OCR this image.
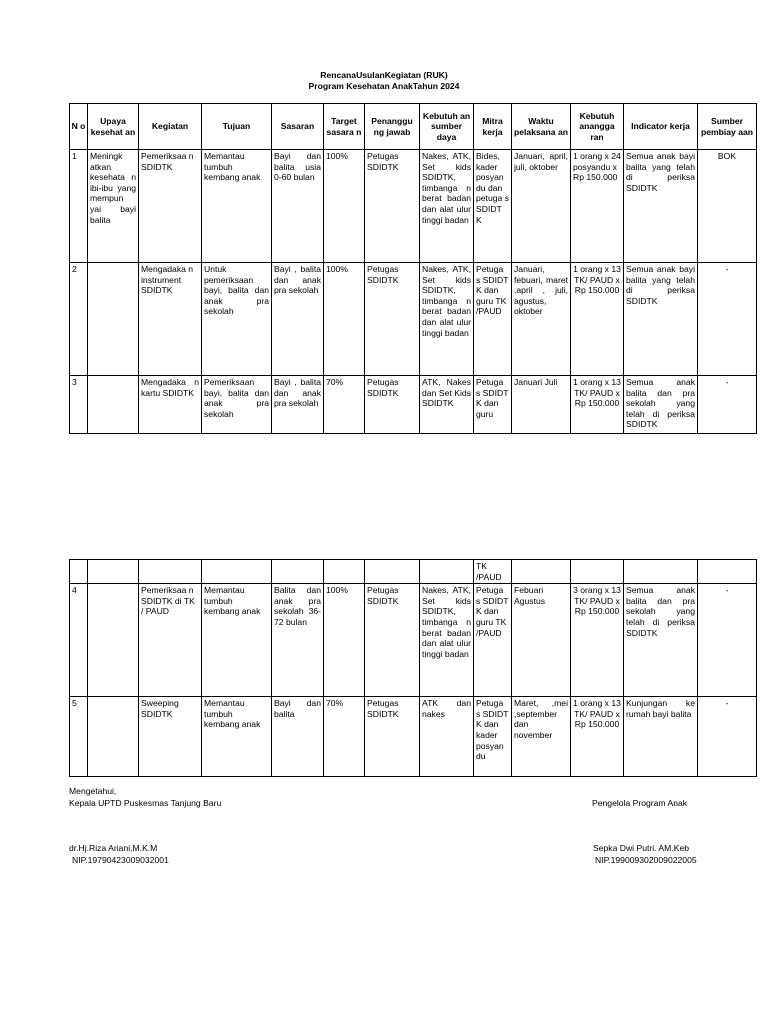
RencanaUsulanKegiatan (RUK)
Program Kesehatan AnakTahun 2024
N o	Upaya kesehat an	Kegiatan	Tujuan	Sasaran	Target sasara n	Penanggu ng jawab	Kebutuh an sumber daya	Mitra kerja	Waktu pelaksana an	Kebutuh anangga ran	Indicator kerja	Sumber pembiay aan
1	Meningk atkan kesehata n ibi-ibu yang mempun yai bayi balita	Pemeriksaa n SDIDTK	Memantau tumbuh kembang anak	Bayi dan balita usia 0-60 bulan	100%	Petugas SDIDTK	Nakes, ATK, Set kids SDIDTK, timbanga n berat badan dan alat ulur tinggi badan	Bides, kader posyan du dan petuga s SDIDT K	Januari, april, juli, oktober	1 orang x 24 posyandu x Rp 150.000	Semua anak bayi balita yang telah di periksa SDIDTK	BOK
2		Mengadaka n instrument SDIDTK	Untuk pemeriksaan bayi, balita dan anak pra sekolah	Bayi , balita dan anak pra sekolah	100%	Petugas SDIDTK	Nakes, ATK, Set kids SDIDTK, timbanga n berat badan dan alat ulur tinggi badan	Petuga s SDIDT K dan guru TK /PAUD	Januari, febuari, maret ,april , juli, agustus, oktober	1 orang x 13 TK/ PAUD x Rp 150.000	Semua anak bayi balita yang telah di periksa SDIDTK	-
3		Mengadaka n kartu SDIDTK	Pemeriksaan bayi, balita dan anak pra sekolah	Bayi , balita dan anak pra sekolah	70%	Petugas SDIDTK	ATK, Nakes dan Set Kids SDIDTK	Petuga s SDIDT K dan guru	Januari Juli	1 orang x 13 TK/ PAUD x Rp 150.000	Semua anak balita dan pra sekolah yang telah di periksa SDIDTK	-
								TK /PAUD				
4		Pemeriksaa n SDIDTK di TK / PAUD	Memantau tumbuh kembang anak	Balita dan anak pra sekolah 36- 72 bulan	100%	Petugas SDIDTK	Nakes, ATK, Set kids SDIDTK, timbanga n berat badan dan alat ulur tinggi badan	Petuga s SDIDT K dan guru TK /PAUD	Febuari Agustus	3 orang x 13 TK/ PAUD x Rp 150.000	Semua anak balita dan pra sekolah yang telah di periksa SDIDTK	-
5		Sweeping SDIDTK	Memantau tumbuh kembang anak	Bayi dan balita	70%	Petugas SDIDTK	ATK dan nakes	Petuga s SDIDT K dan kader posyan du	Maret, ,mei ,september dan november	1 orang x 13 TK/ PAUD x Rp 150.000	Kunjungan ke rumah bayi balita	-
Mengetahui,
Kepala UPTD Puskesmas Tanjung Baru	Pengelola Program Anak
dr.Hj.Riza Ariani,M.K.M
NIP.19790423009032001
Sepka Dwi Putri. AM.Keb
NIP.199009302009022005
